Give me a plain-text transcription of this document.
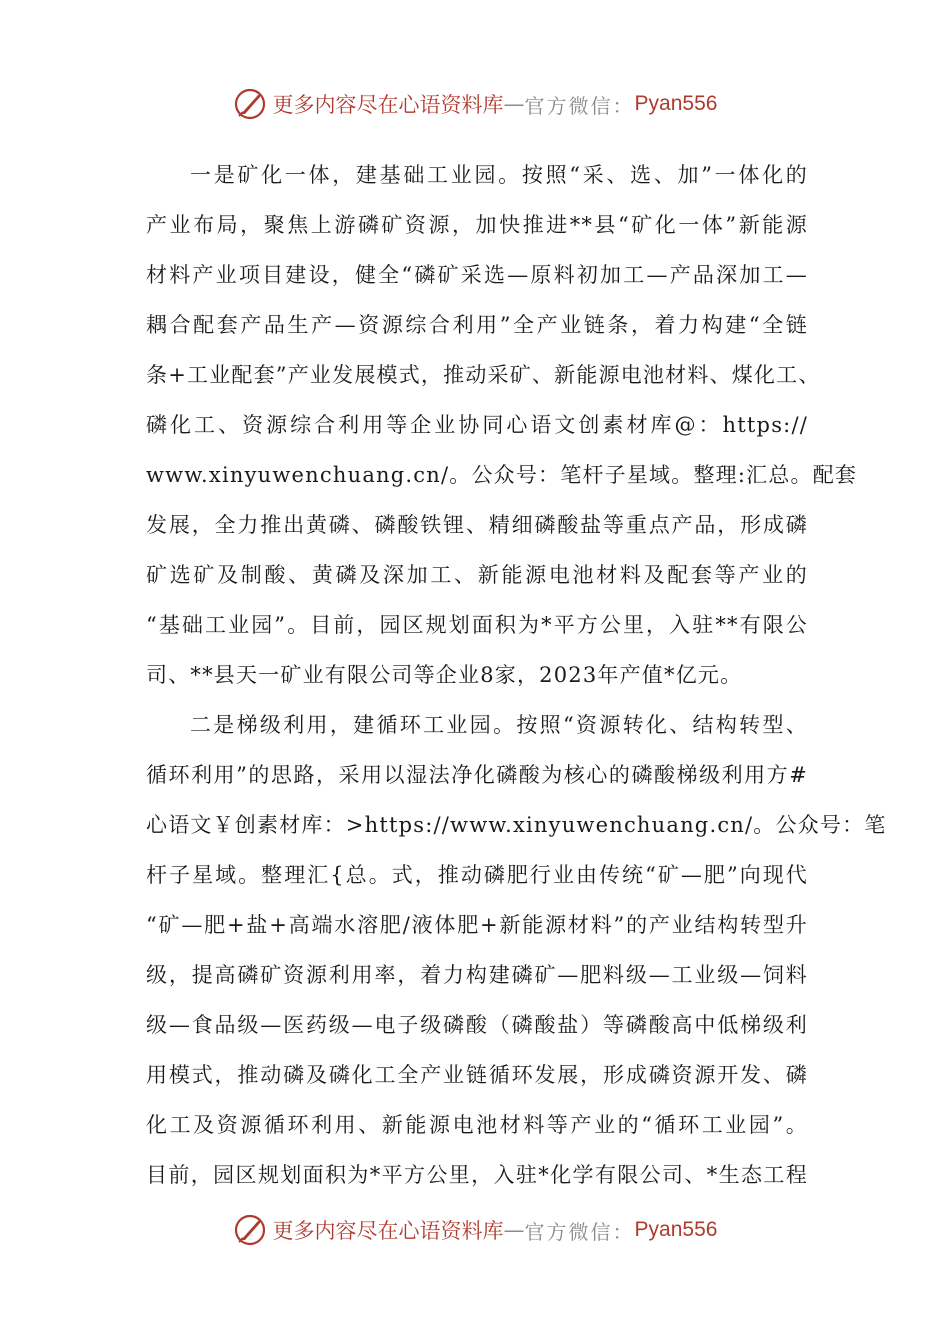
更多内容尽在心语资料库 — 官方微信： Pyan556
一是矿化一体，建基础工业园。按照“采、选、加”一体化的
产业布局，聚焦上游磷矿资源，加快推进**县“矿化一体”新能源
材料产业项目建设，健全“磷矿采选—原料初加工—产品深加工—
耦合配套产品生产—资源综合利用”全产业链条，着力构建“全链
条+工业配套”产业发展模式，推动采矿、新能源电池材料、煤化工、
磷化工、资源综合利用等企业协同心语文创素材库@：https://
www.xinyuwenchuang.cn/。公众号：笔杆子星域。整理:汇总。配套
发展，全力推出黄磷、磷酸铁锂、精细磷酸盐等重点产品，形成磷
矿选矿及制酸、黄磷及深加工、新能源电池材料及配套等产业的
“基础工业园”。目前，园区规划面积为*平方公里，入驻**有限公
司、**县天一矿业有限公司等企业8家，2023年产值*亿元。
二是梯级利用，建循环工业园。按照“资源转化、结构转型、
循环利用”的思路，采用以湿法净化磷酸为核心的磷酸梯级利用方#
心语文￥创素材库：>https://www.xinyuwenchuang.cn/。公众号：笔
杆子星域。整理汇{总。式，推动磷肥行业由传统“矿—肥”向现代
“矿—肥+盐+高端水溶肥/液体肥+新能源材料”的产业结构转型升
级，提高磷矿资源利用率，着力构建磷矿—肥料级—工业级—饲料
级—食品级—医药级—电子级磷酸（磷酸盐）等磷酸高中低梯级利
用模式，推动磷及磷化工全产业链循环发展，形成磷资源开发、磷
化工及资源循环利用、新能源电池材料等产业的“循环工业园”。
目前，园区规划面积为*平方公里，入驻*化学有限公司、*生态工程
更多内容尽在心语资料库 — 官方微信： Pyan556
